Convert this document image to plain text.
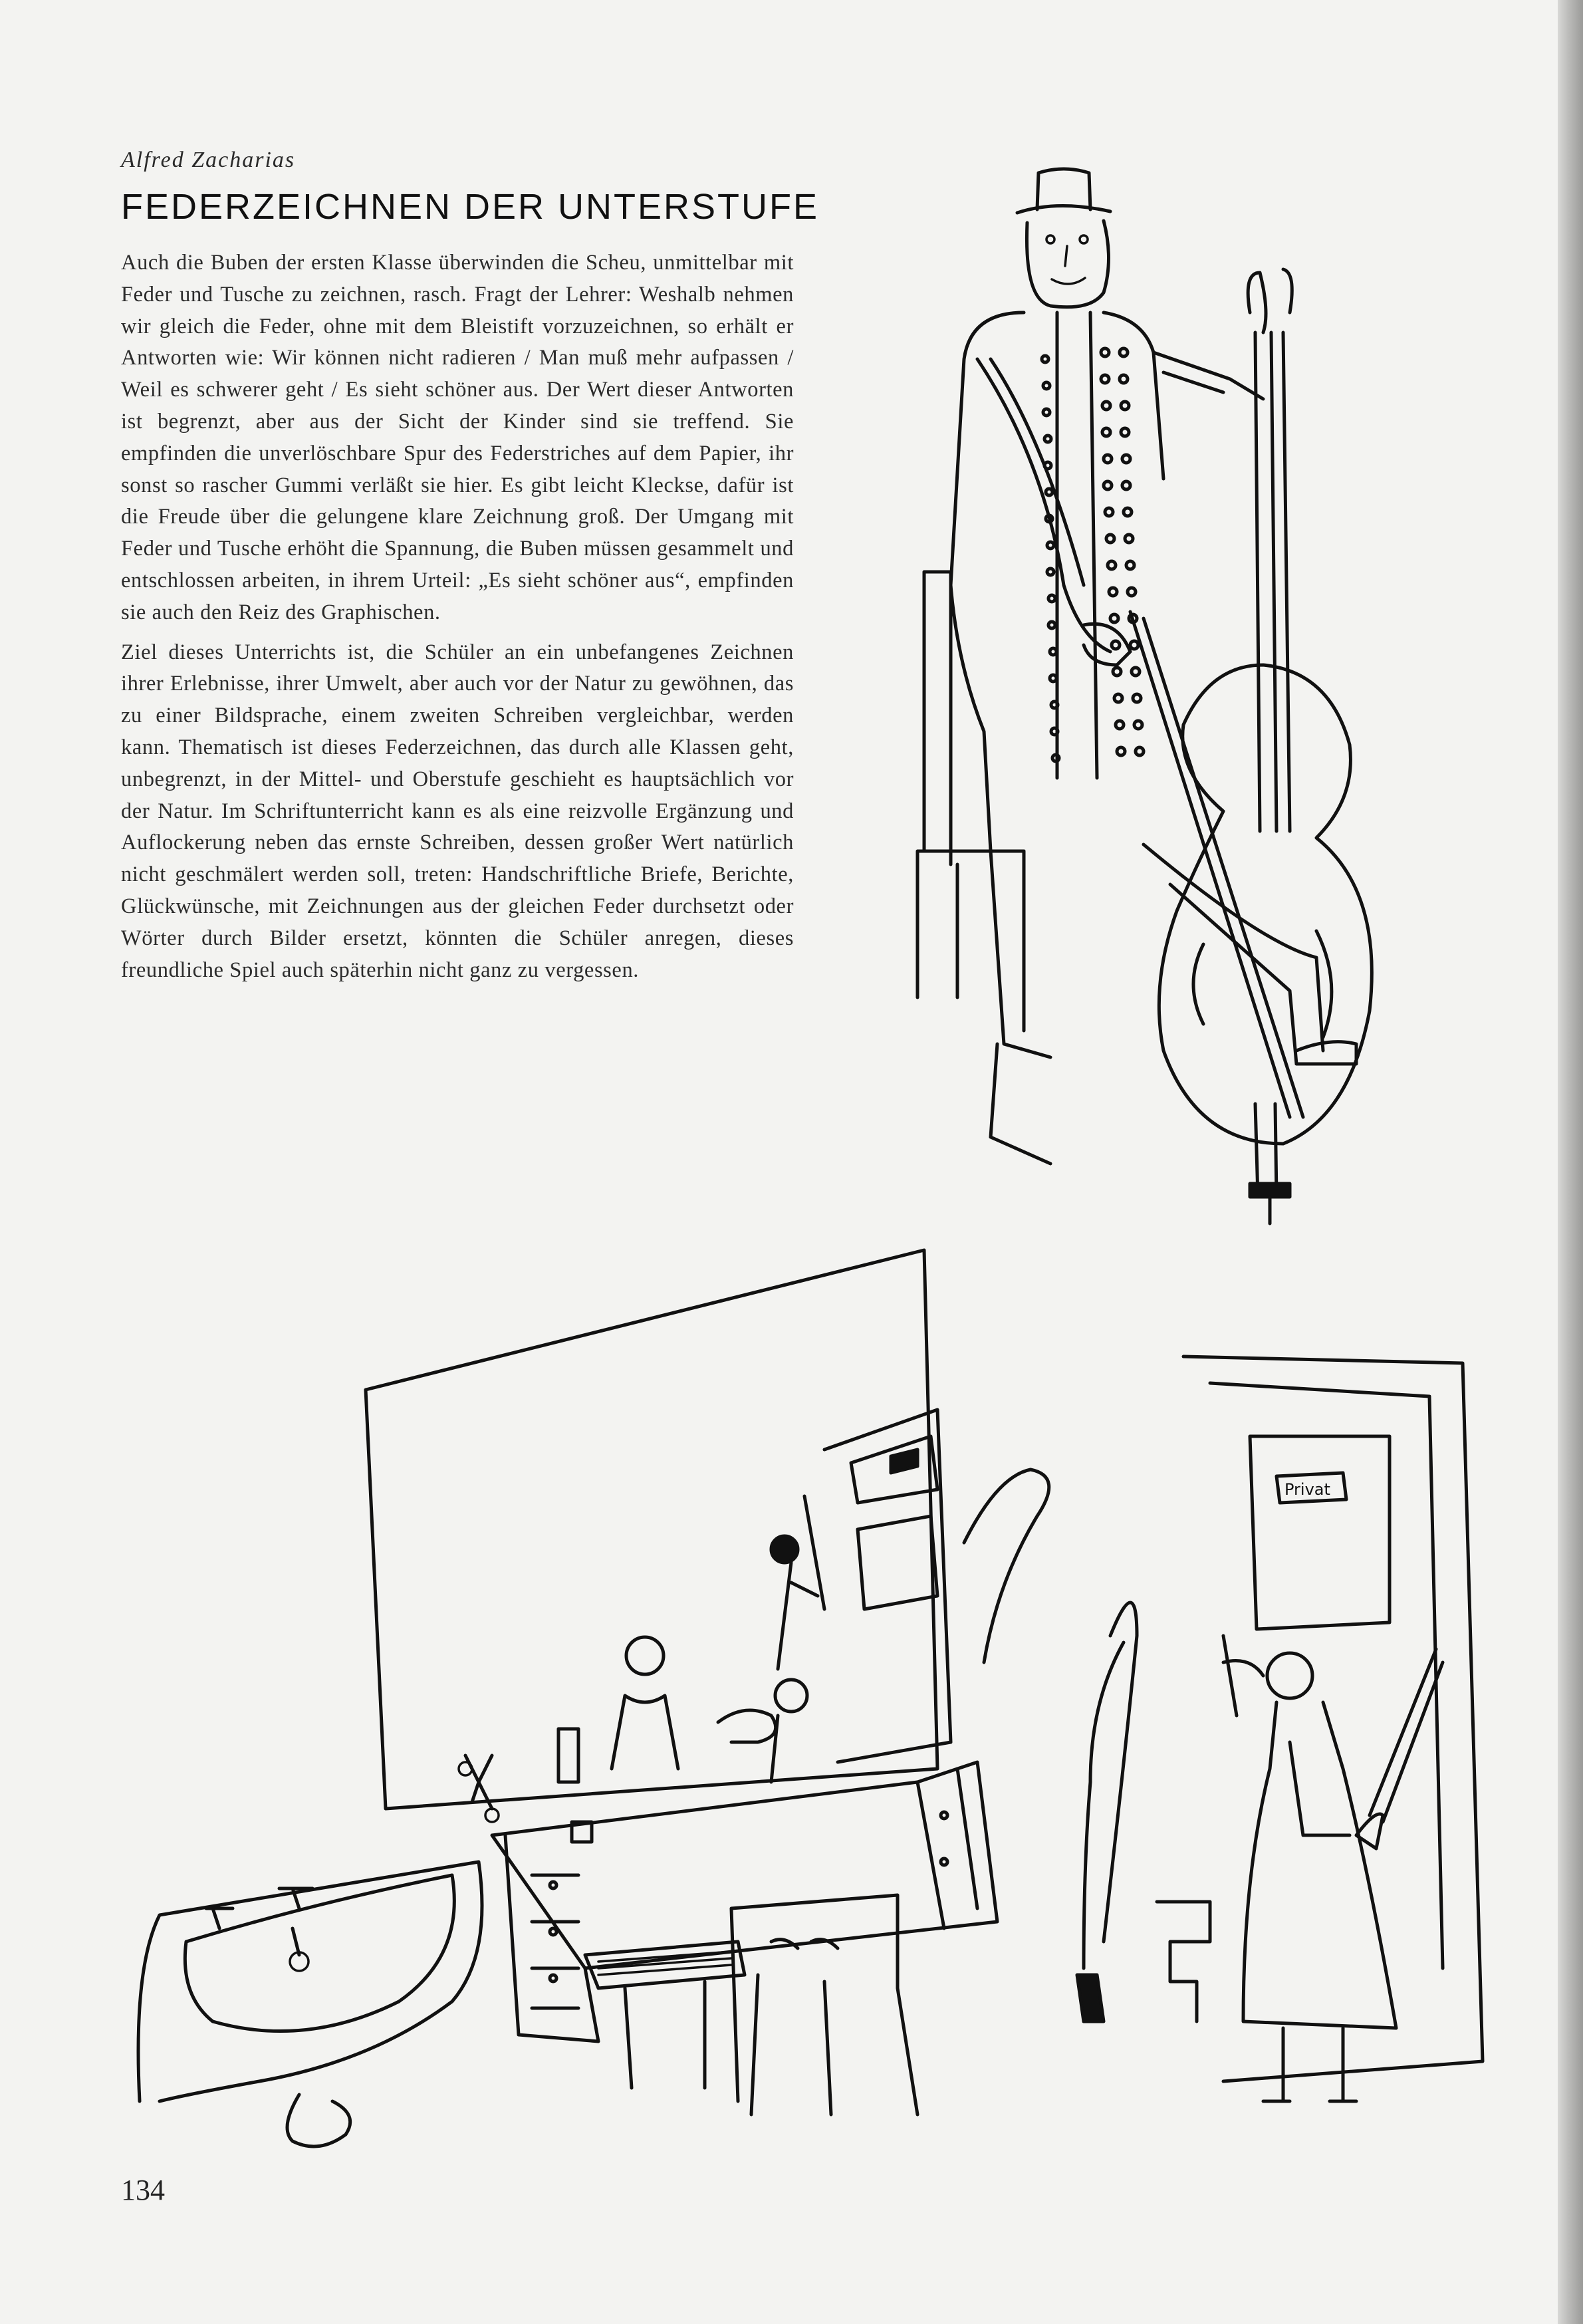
Alfred Zacharias
FEDERZEICHNEN DER UNTERSTUFE

Auch die Buben der ersten Klasse überwinden die Scheu, unmittelbar mit Feder und Tusche zu zeichnen, rasch. Fragt der Lehrer: Weshalb nehmen wir gleich die Feder, ohne mit dem Bleistift vorzuzeichnen, so erhält er Antworten wie: Wir können nicht radieren / Man muß mehr aufpassen / Weil es schwerer geht / Es sieht schöner aus. Der Wert dieser Antworten ist begrenzt, aber aus der Sicht der Kinder sind sie treffend. Sie empfinden die unverlöschbare Spur des Federstriches auf dem Papier, ihr sonst so rascher Gummi verläßt sie hier. Es gibt leicht Kleckse, dafür ist die Freude über die gelungene klare Zeichnung groß. Der Umgang mit Feder und Tusche erhöht die Spannung, die Buben müssen gesammelt und entschlossen arbeiten, in ihrem Urteil: „Es sieht schöner aus“, empfinden sie auch den Reiz des Graphischen.

Ziel dieses Unterrichts ist, die Schüler an ein unbefangenes Zeichnen ihrer Erlebnisse, ihrer Umwelt, aber auch vor der Natur zu gewöhnen, das zu einer Bildsprache, einem zweiten Schreiben vergleichbar, werden kann. Thematisch ist dieses Federzeichnen, das durch alle Klassen geht, unbegrenzt, in der Mittel- und Oberstufe geschieht es hauptsächlich vor der Natur. Im Schriftunterricht kann es als eine reizvolle Ergänzung und Auflockerung neben das ernste Schreiben, dessen großer Wert natürlich nicht geschmälert werden soll, treten: Handschriftliche Briefe, Berichte, Glückwünsche, mit Zeichnungen aus der gleichen Feder durchsetzt oder Wörter durch Bilder ersetzt, könnten die Schüler anregen, dieses freundliche Spiel auch späterhin nicht ganz zu vergessen.

Privat
134
